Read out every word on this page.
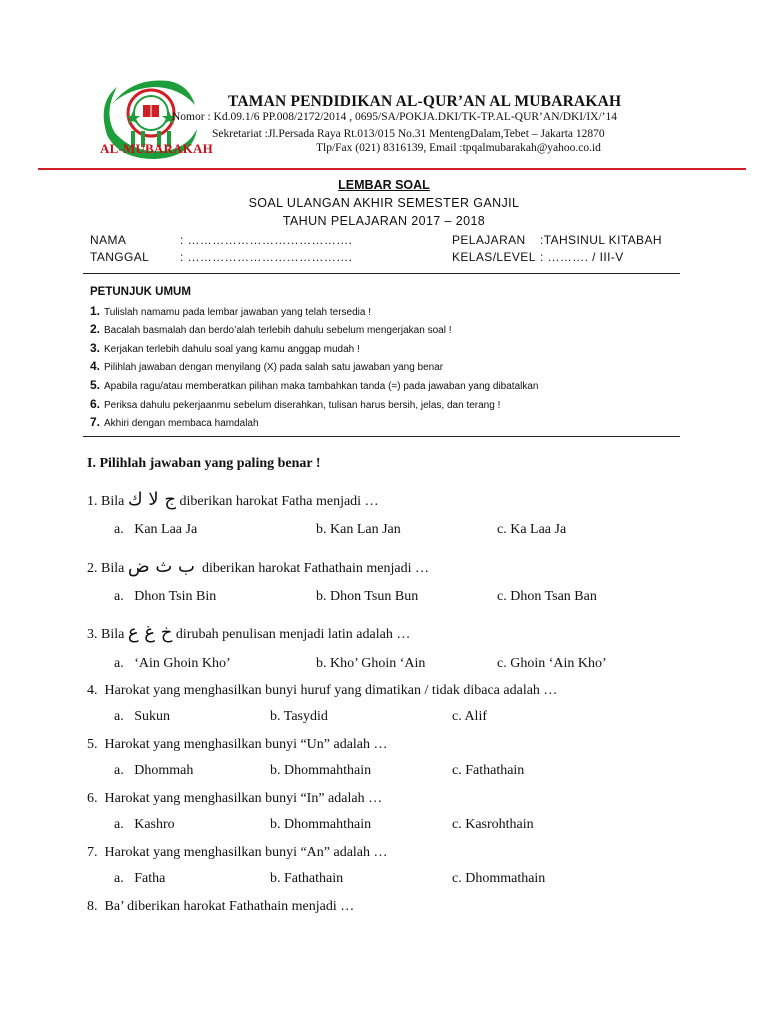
AL-MUBARAKAH
TAMAN PENDIDIKAN AL-QUR’AN AL MUBARAKAH
Nomor : Kd.09.1/6 PP.008/2172/2014 , 0695/SA/POKJA.DKI/TK-TP.AL-QUR’AN/DKI/IX/’14
Sekretariat :Jl.Persada Raya Rt.013/015 No.31 MentengDalam,Tebet – Jakarta 12870
Tlp/Fax (021) 8316139, Email :tpqalmubarakah@yahoo.co.id
LEMBAR SOAL
SOAL ULANGAN AKHIR SEMESTER GANJIL
TAHUN PELAJARAN 2017 – 2018
NAMA	: ………………………………….
TANGGAL	: ………………………………….
PELAJARAN :TAHSINUL KITABAH
KELAS/LEVEL : ………. / III-V
PETUNJUK UMUM
1. Tulislah namamu pada lembar jawaban yang telah tersedia !
2. Bacalah basmalah dan berdo’alah terlebih dahulu sebelum mengerjakan soal !
3. Kerjakan terlebih dahulu soal yang kamu anggap mudah !
4. Pilihlah jawaban dengan menyilang (X) pada salah satu jawaban yang benar
5. Apabila ragu/atau memberatkan pilihan maka tambahkan tanda (=) pada jawaban yang dibatalkan
6. Periksa dahulu pekerjaanmu sebelum diserahkan, tulisan harus bersih, jelas, dan terang !
7. Akhiri dengan membaca hamdalah
I. Pilihlah jawaban yang paling benar !
1. Bila ج لا ك diberikan harokat Fatha menjadi …
a. Kan Laa Ja	b. Kan Lan Jan	c. Ka Laa Ja
2. Bila ب ث ض diberikan harokat Fathathain menjadi …
a. Dhon Tsin Bin	b. Dhon Tsun Bun	c. Dhon Tsan Ban
3. Bila خ غ ع dirubah penulisan menjadi latin adalah …
a. ‘Ain Ghoin Kho’	b. Kho’ Ghoin ‘Ain	c. Ghoin ‘Ain Kho’
4. Harokat yang menghasilkan bunyi huruf yang dimatikan / tidak dibaca adalah …
a. Sukun	b. Tasydid	c. Alif
5. Harokat yang menghasilkan bunyi “Un” adalah …
a. Dhommah	b. Dhommahthain	c. Fathathain
6. Harokat yang menghasilkan bunyi “In” adalah …
a. Kashro	b. Dhommahthain	c. Kasrohthain
7. Harokat yang menghasilkan bunyi “An” adalah …
a. Fatha	b. Fathathain	c. Dhommathain
8. Ba’ diberikan harokat Fathathain menjadi …
